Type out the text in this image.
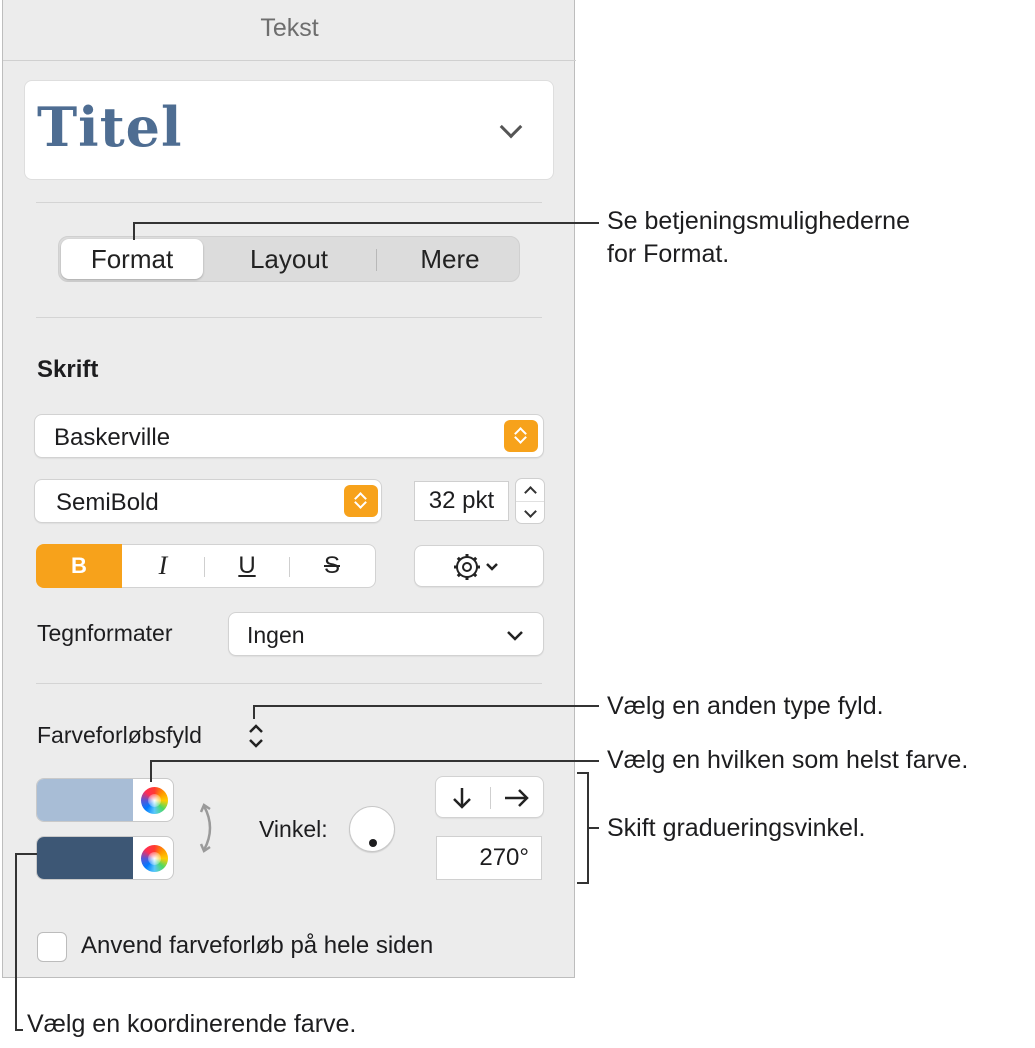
Tekst
Titel
Format	Layout	Mere
Skrift
Baskerville
SemiBold	32 pkt
B	I	U	S
Tegnformater	Ingen
Farveforløbsfyld
Vinkel:
270°
Anvend farveforløb på hele siden
Se betjeningsmulighederne
for Format.
Vælg en anden type fyld.
Vælg en hvilken som helst farve.
Skift gradueringsvinkel.
Vælg en koordinerende farve.
